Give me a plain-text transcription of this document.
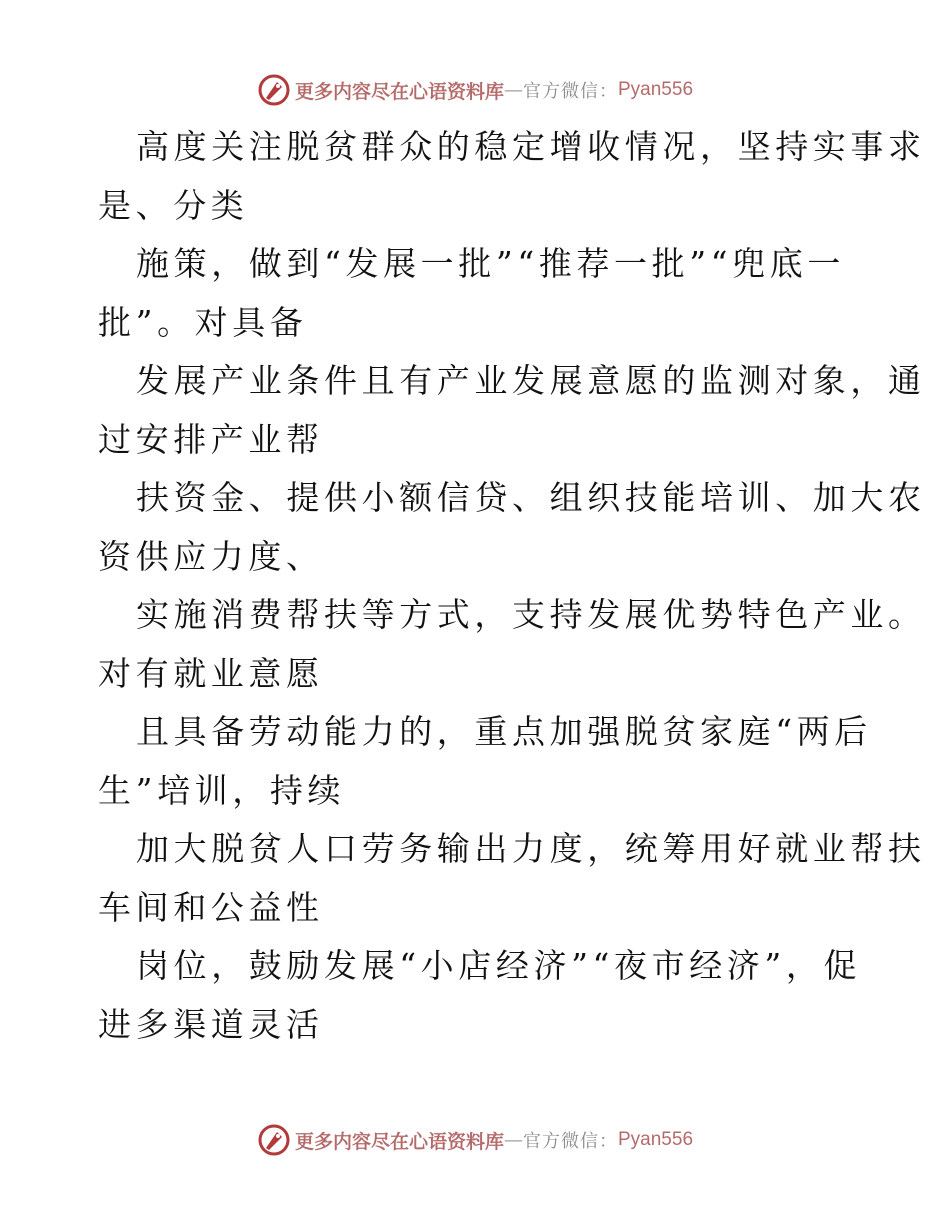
更多内容尽在心语资料库 — 官方微信： Pyan556
高度关注脱贫群众的稳定增收情况，坚持实事求
是、分类
施策，做到“发展一批”“推荐一批”“兜底一
批”。对具备
发展产业条件且有产业发展意愿的监测对象，通
过安排产业帮
扶资金、提供小额信贷、组织技能培训、加大农
资供应力度、
实施消费帮扶等方式，支持发展优势特色产业。
对有就业意愿
且具备劳动能力的，重点加强脱贫家庭“两后
生”培训，持续
加大脱贫人口劳务输出力度，统筹用好就业帮扶
车间和公益性
岗位，鼓励发展“小店经济”“夜市经济”，促
进多渠道灵活
更多内容尽在心语资料库 — 官方微信： Pyan556
